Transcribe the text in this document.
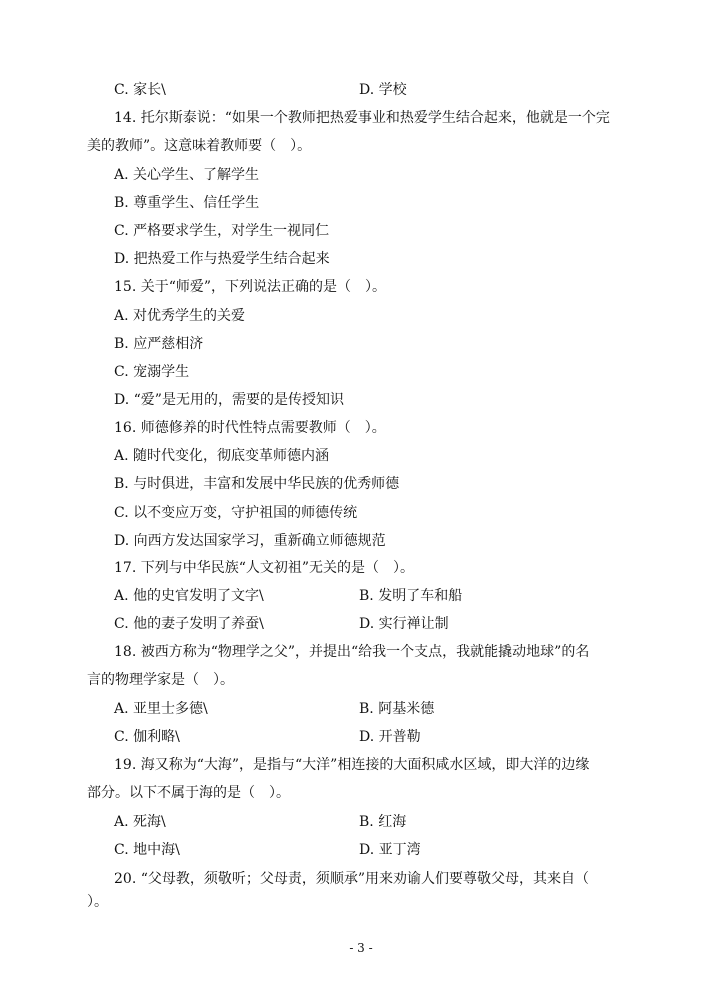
C. 家长\	D. 学校
14. 托尔斯泰说：“如果一个教师把热爱事业和热爱学生结合起来，他就是一个完
美的教师”。这意味着教师要（　）。
A. 关心学生、了解学生
B. 尊重学生、信任学生
C. 严格要求学生，对学生一视同仁
D. 把热爱工作与热爱学生结合起来
15. 关于“师爱”，下列说法正确的是（　）。
A. 对优秀学生的关爱
B. 应严慈相济
C. 宠溺学生
D. “爱”是无用的，需要的是传授知识
16. 师德修养的时代性特点需要教师（　）。
A. 随时代变化，彻底变革师德内涵
B. 与时俱进，丰富和发展中华民族的优秀师德
C. 以不变应万变，守护祖国的师德传统
D. 向西方发达国家学习，重新确立师德规范
17. 下列与中华民族“人文初祖”无关的是（　）。
A. 他的史官发明了文字\	B. 发明了车和船
C. 他的妻子发明了养蚕\	D. 实行禅让制
18. 被西方称为“物理学之父”，并提出“给我一个支点，我就能撬动地球”的名
言的物理学家是（　）。
A. 亚里士多德\	B. 阿基米德
C. 伽利略\	D. 开普勒
19. 海又称为“大海”，是指与“大洋”相连接的大面积咸水区域，即大洋的边缘
部分。以下不属于海的是（　）。
A. 死海\	B. 红海
C. 地中海\	D. 亚丁湾
20. “父母教，须敬听；父母责，须顺承”用来劝谕人们要尊敬父母，其来自（
）。
- 3 -
